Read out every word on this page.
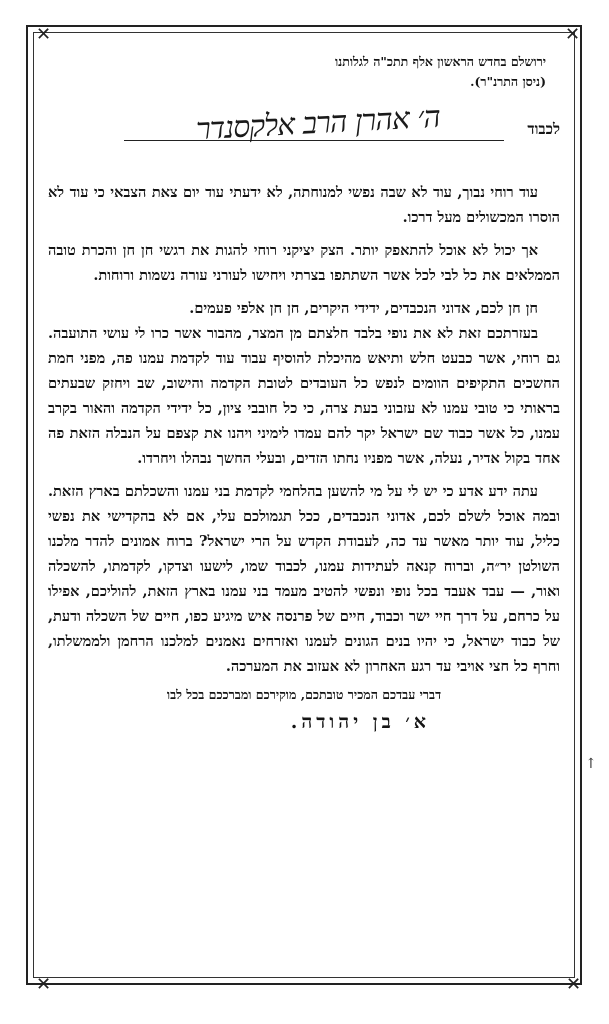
✕	✕
✕	✕
↑
ירושלם בחדש הראשון אלף תתכ"ה לגלותנו
(ניסן התרנ"ר).
לכבוד
ה׳ אהרן הרב אלקסנדר

עוד רוחי נבוך, עוד לא שבה נפשי למנוחתה, לא ידעתי עוד יום צאת הצבאי כי עוד לא הוסרו המכשולים מעל דרכו.

אך יכול לא אוכל להתאפק יותר. הצק יציקני רוחי להגות את רגשי חן חן והכרת טובה הממלאים את כל לבי לכל אשר השתתפו בצרתי ויחישו לעורני עורה נשמות ורוחות.

חן חן לכם, אדוני הנכבדים, ידידי היקרים, חן חן אלפי פעמים.

בעזרתכם זאת לא את נופי בלבד חלצתם מן המצר, מהבור אשר כרו לי עושי התועבה. גם רוחי, אשר כבעט חלש ותיאש מהיכלת להוסיף עבוד עוד לקדמת עמנו פה, מפני חמת החשכים התקיפים הוומים לנפש כל העובדים לטובת הקדמה והישוב, שב ויחזק שבעתים בראותי כי טובי עמנו לא עזבוני בעת צרה, כי כל חובבי ציון, כל ידידי הקדמה והאור בקרב עמנו, כל אשר כבוד שם ישראל יקר להם עמדו לימיני ויהנו את קצפם על הנבלה הזאת פה אחד בקול אדיר, נעלה, אשר מפניו נחתו הזדים, ובעלי החשך נבהלו ויחרדו.

עתה ידע אדע כי יש לי על מי להשען בהלחמי לקדמת בני עמנו והשכלתם בארץ הזאת. ובמה אוכל לשלם לכם, אדוני הנכבדים, ככל תגמולכם עלי, אם לא בהקדישי את נפשי כליל, עוד יותר מאשר עד כה, לעבודת הקדש על הרי ישראל? ברוח אמונים להדר מלכנו השולטן יר״ה, וברוח קנאה לעתידות עמנו, לכבוד שמו, לישעו וצדקו, לקדמתו, להשכלה ואור, — עבד אעבד בכל נופי ונפשי להטיב מעמד בני עמנו בארץ הזאת, להוליכם, אפילו על כרחם, על דרך חיי ישר וכבוד, חיים של פרנסה איש מיגיע כפו, חיים של השכלה ודעת, של כבוד ישראל, כי יהיו בנים הגונים לעמנו ואזרחים נאמנים למלכנו הרחמן ולממשלתו, וחרף כל חצי אויבי עד רגע האחרון לא אעזוב את המערכה.

דברי עבדכם המכיר טובתכם, מוקירכם ומברככם בכל לבו
א׳ בן יהודה.
